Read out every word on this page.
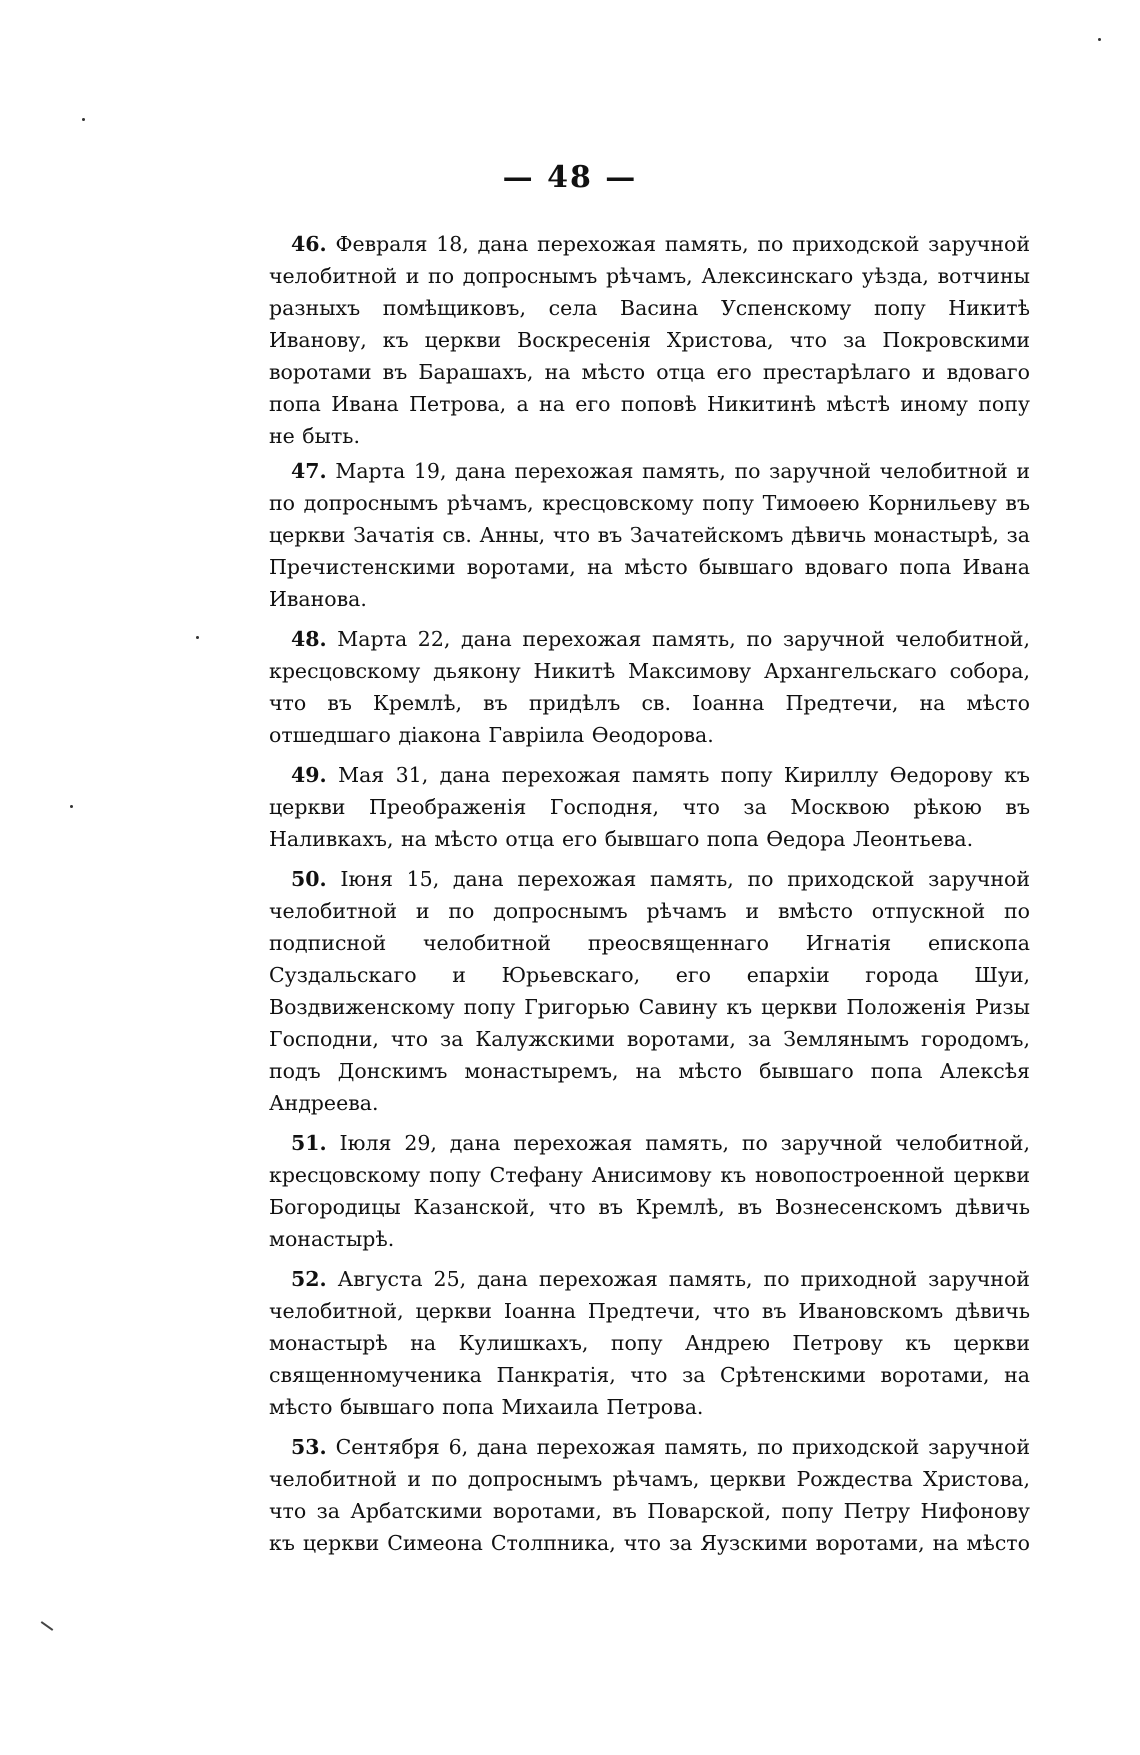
— 48 —

46. Февраля 18, дана перехожая память, по приходской заручной челобитной и по допроснымъ рѣчамъ, Алексинскаго уѣзда, вотчины разныхъ помѣщиковъ, села Васина Успенскому попу Никитѣ Иванову, къ церкви Воскресенія Христова, что за Покровскими воротами въ Барашахъ, на мѣсто отца его престарѣлаго и вдоваго попа Ивана Петрова, а на его поповѣ Никитинѣ мѣстѣ иному попу не быть.

47. Марта 19, дана перехожая память, по заручной челобитной и по допроснымъ рѣчамъ, кресцовскому попу Тимоѳею Корнильеву въ церкви Зачатія св. Анны, что въ Зачатейскомъ дѣвичь монастырѣ, за Пречистенскими воротами, на мѣсто бывшаго вдоваго попа Ивана Иванова.

48. Марта 22, дана перехожая память, по заручной челобитной, кресцовскому дьякону Никитѣ Максимову Архангельскаго собора, что въ Кремлѣ, въ придѣлъ св. Іоанна Предтечи, на мѣсто отшедшаго діакона Гавріила Ѳеодорова.

49. Мая 31, дана перехожая память попу Кириллу Ѳедорову къ церкви Преображенія Господня, что за Москвою рѣкою въ Наливкахъ, на мѣсто отца его бывшаго попа Ѳедора Леонтьева.

50. Іюня 15, дана перехожая память, по приходской заручной челобитной и по допроснымъ рѣчамъ и вмѣсто отпускной по подписной челобитной преосвященнаго Игнатія епископа Суздальскаго и Юрьевскаго, его епархіи города Шуи, Воздвиженскому попу Григорью Савину къ церкви Положенія Ризы Господни, что за Калужскими воротами, за Землянымъ городомъ, подъ Донскимъ монастыремъ, на мѣсто бывшаго попа Алексѣя Андреева.

51. Іюля 29, дана перехожая память, по заручной челобитной, кресцовскому попу Стефану Анисимову къ новопостроенной церкви Богородицы Казанской, что въ Кремлѣ, въ Вознесенскомъ дѣвичь монастырѣ.

52. Августа 25, дана перехожая память, по приходной заручной челобитной, церкви Іоанна Предтечи, что въ Ивановскомъ дѣвичь монастырѣ на Кулишкахъ, попу Андрею Петрову къ церкви священномученика Панкратія, что за Срѣтенскими воротами, на мѣсто бывшаго попа Михаила Петрова.

53. Сентября 6, дана перехожая память, по приходской заручной челобитной и по допроснымъ рѣчамъ, церкви Рождества Христова, что за Арбатскими воротами, въ Поварской, попу Петру Нифонову къ церкви Симеона Столпника, что за Яузскими воротами, на мѣсто
